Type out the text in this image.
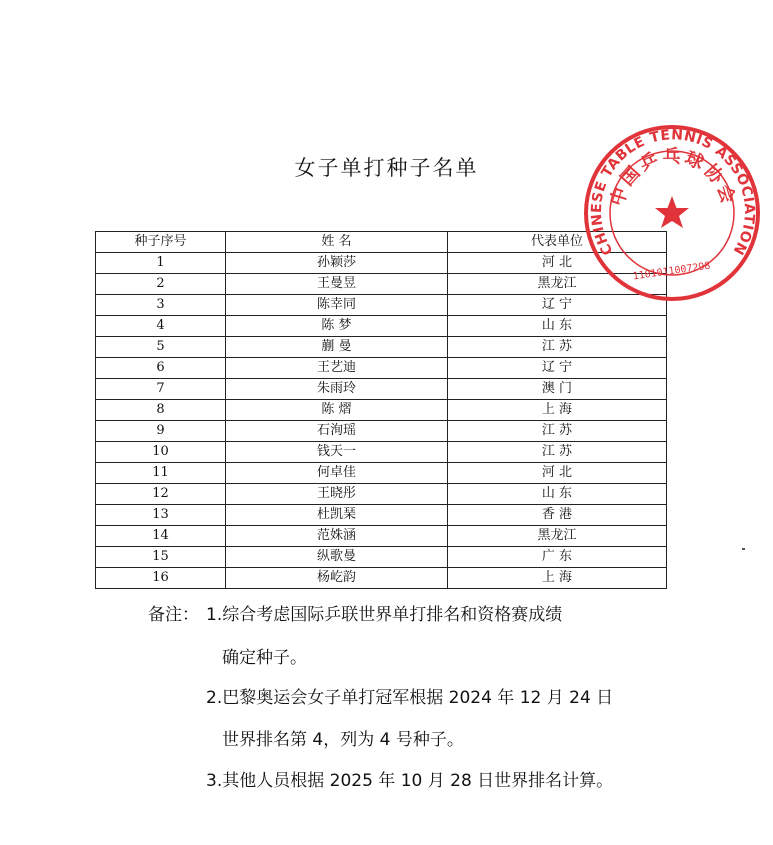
女子单打种子名单
种子序号	姓 名	代表单位
1	孙颖莎	河 北
2	王曼昱	黑龙江
3	陈幸同	辽 宁
4	陈 梦	山 东
5	蒯 曼	江 苏
6	王艺迪	辽 宁
7	朱雨玲	澳 门
8	陈 熠	上 海
9	石洵瑶	江 苏
10	钱天一	江 苏
11	何卓佳	河 北
12	王晓彤	山 东
13	杜凯琹	香 港
14	范姝涵	黑龙江
15	纵歌曼	广 东
16	杨屹韵	上 海
备注： 1.综合考虑国际乒联世界单打排名和资格赛成绩
确定种子。
2.巴黎奥运会女子单打冠军根据 2024 年 12 月 24 日
世界排名第 4，列为 4 号种子。
3.其他人员根据 2025 年 10 月 28 日世界排名计算。
CHINESE TABLE TENNIS ASSOCIATION
中国乒乓球协会
1101011007298
